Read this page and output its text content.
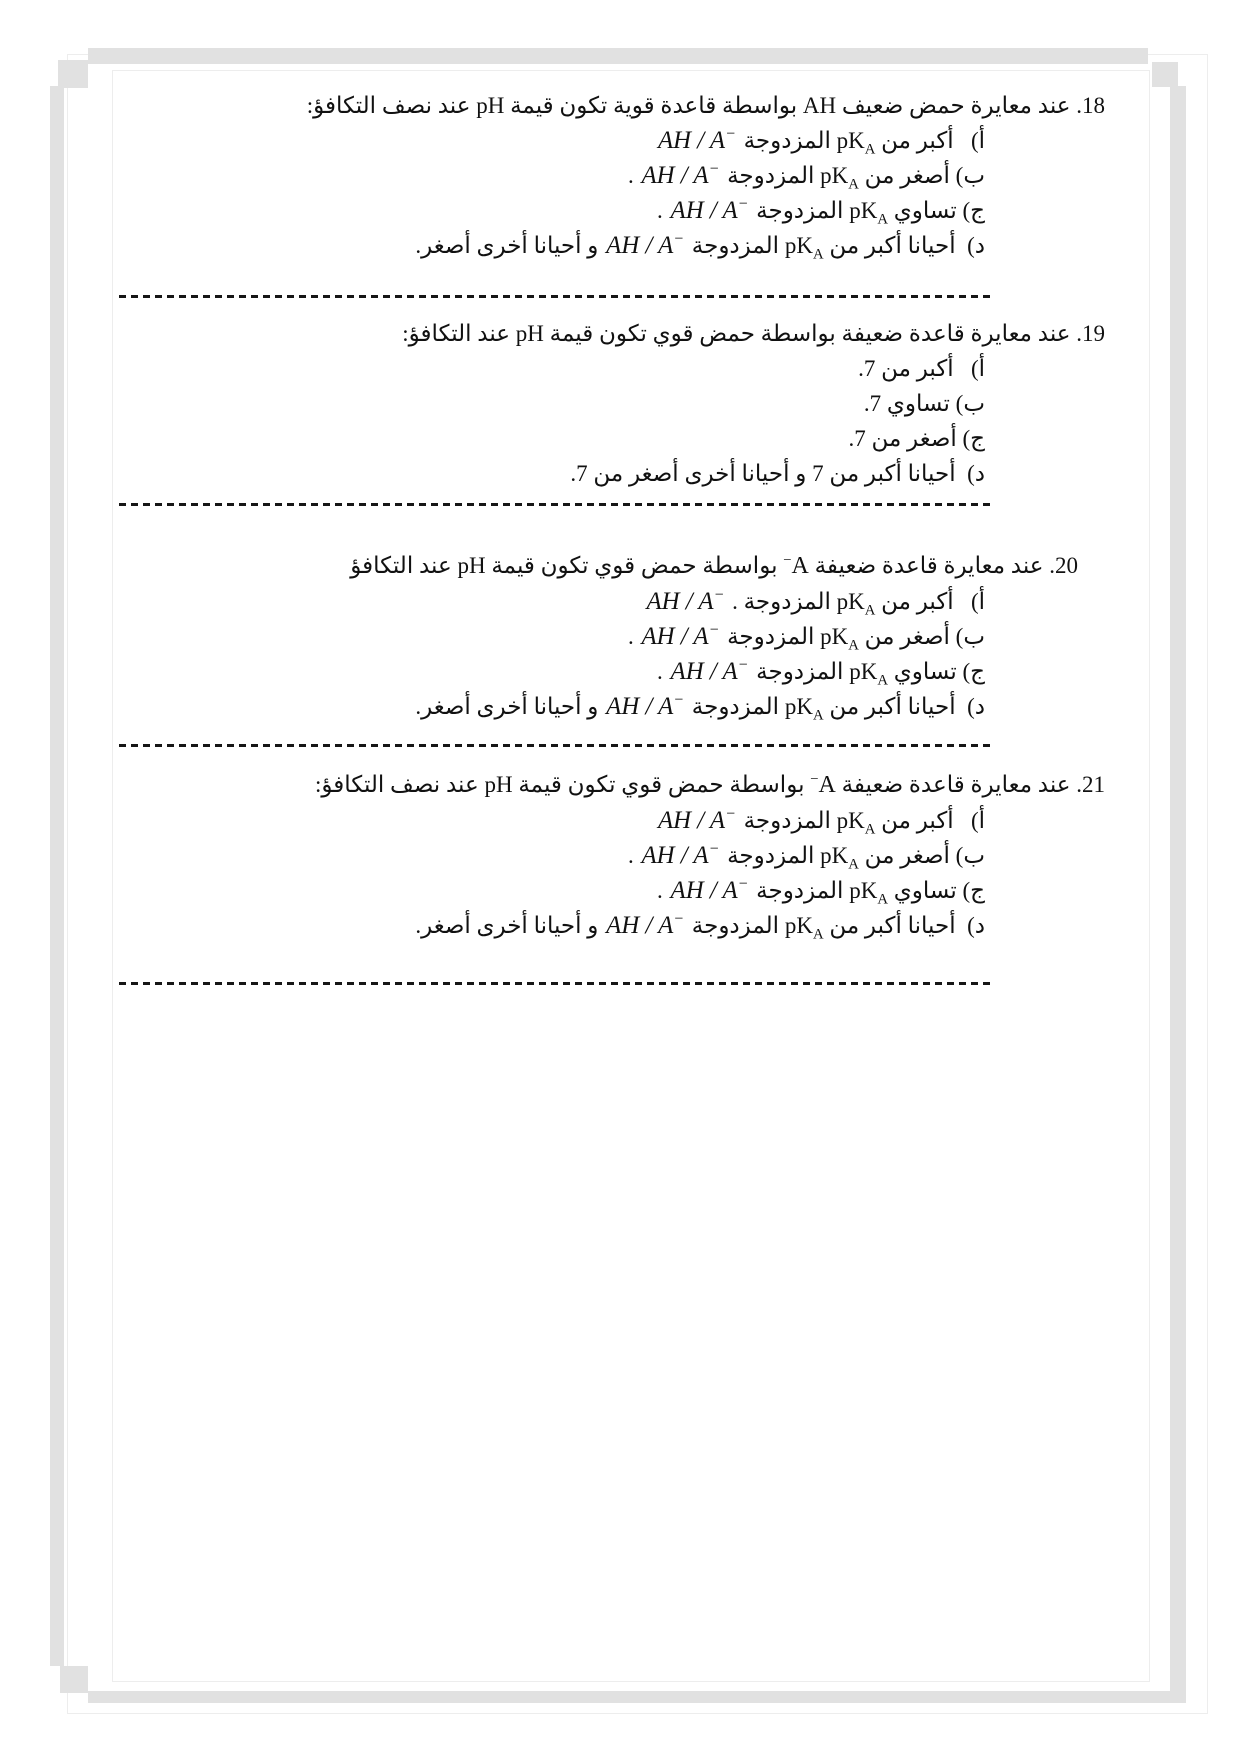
18. عند معايرة حمض ضعيف AH بواسطة قاعدة قوية تكون قيمة pH عند نصف التكافؤ:
أ)   أكبر من $pK_A$ المزدوجة AH / A−
ب) أصغر من $pK_A$ المزدوجة AH / A− .
ج) تساوي $pK_A$ المزدوجة AH / A− .
د)  أحيانا أكبر من $pK_A$ المزدوجة AH / A− و أحيانا أخرى أصغر.
19. عند معايرة قاعدة ضعيفة بواسطة حمض قوي تكون قيمة pH عند التكافؤ:
أ)   أكبر من 7.
ب) تساوي 7.
ج) أصغر من 7.
د)  أحيانا أكبر من 7 و أحيانا أخرى أصغر من 7.
20. عند معايرة قاعدة ضعيفة A− بواسطة حمض قوي تكون قيمة pH عند التكافؤ
أ)   أكبر من $pK_A$ المزدوجة . AH / A−
ب) أصغر من $pK_A$ المزدوجة AH / A− .
ج) تساوي $pK_A$ المزدوجة AH / A− .
د)  أحيانا أكبر من $pK_A$ المزدوجة AH / A− و أحيانا أخرى أصغر.
21. عند معايرة قاعدة ضعيفة A− بواسطة حمض قوي تكون قيمة pH عند نصف التكافؤ:
أ)   أكبر من $pK_A$ المزدوجة AH / A−
ب) أصغر من $pK_A$ المزدوجة AH / A− .
ج) تساوي $pK_A$ المزدوجة AH / A− .
د)  أحيانا أكبر من $pK_A$ المزدوجة AH / A− و أحيانا أخرى أصغر.
